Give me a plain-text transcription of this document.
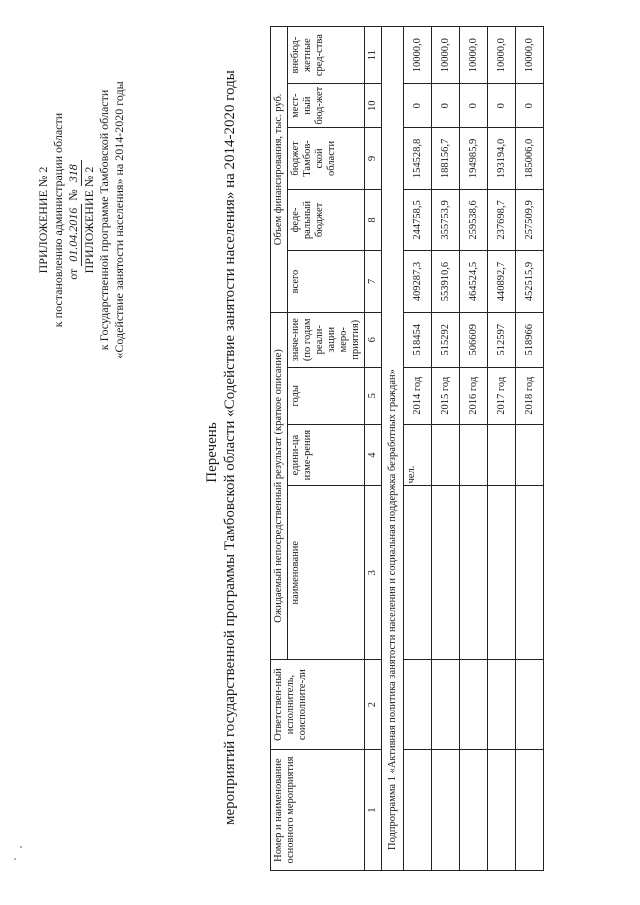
ПРИЛОЖЕНИЕ № 2 к постановлению администрации области от 01.04.2016 № 318 ПРИЛОЖЕНИЕ № 2 к Государственной программе Тамбовской области «Содействие занятости населения» на 2014-2020 годы
Перечень мероприятий государственной программы Тамбовской области «Содействие занятости населения» на 2014-2020 годы	Номер и наименование основного мероприятия	Ответствен-ный исполнитель, соисполните-ли	Ожидаемый непосредственный результат (краткое описание)				Объем финансирования, тыс. руб.				
		наименование	едини-ца изме-рения	годы	значе-ние (по годам реали-зации меро-приятия)	всего	феде-ральный бюджет	бюджет Тамбов-ской области	мест-ный бюд-жет	внебюд-жетные сред-ства
1	2	3	4	5	6	7	8	9	10	11
Подпрограмма 1 «Активная политика занятости населения и социальная поддержка безработных граждан»										
			чел.	2014 год	518454	409287,3	244758,5	154528,8	0	10000,0
				2015 год	515292	553910,6	355753,9	188156,7	0	10000,0
				2016 год	506609	464524,5	259538,6	194985,9	0	10000,0
				2017 год	512597	440892,7	237698,7	193194,0	0	10000,0
				2018 год	518966	452515,9	257509,9	185006,0	0	10000,0
